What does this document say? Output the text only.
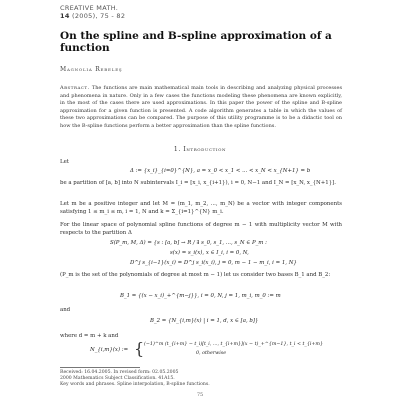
CREATIVE MATH.
14 (2005), 75 - 82
On the spline and B-spline approximation of a function
Magnolia Rebeleş
Abstract. The functions are main mathematical main tools in describing and analyzing physical processes and phenomena in nature. Only in a few cases the functions modeling these phenomena are known explicitly, in the most of the cases there are used approximations. In this paper the power of the spline and B-spline approximation for a given function is presented. A code algorithm generates a table in which the values of these two approximations can be compared. The purpose of this utility programme is to be a didactic tool on how the B-spline functions perform a better approximation than the spline functions.
1. Introduction
Let
Δ := {x_i}_{i=0}^{N}, a = x_0 < x_1 < ... < x_N < x_{N+1} = b
be a partition of [a, b] into N subintervals I_i = [x_i, x_{i+1}), i = 0, N−1 and I_N = [x_N, x_{N+1}].
Let m be a positive integer and let M = (m_1, m_2, ..., m_N) be a vector with integer components satisfying 1 ≤ m_i ≤ m, i = 1, N and k = Σ_{i=1}^{N} m_i.
For the linear space of polynomial spline functions of degree m − 1 with multiplicity vector M with respects to the partition Δ
S(P_m, M, Δ) = {s : [a, b] → R / ∃ s_0, s_1, ..., s_N ∈ P_m :
s(x) = s_i(x), x ∈ I_i, i = 0, N,
D^j s_{i−1}(x_i) = D^j s_i(x_i), j = 0, m − 1 − m_i, i = 1, N}
(P_m is the set of the polynomials of degree at most m − 1) let us consider two bases B_1 and B_2:
B_1 = {(x − x_i)_+^{m−j}}, i = 0, N, j = 1, m_i, m_0 := m
and
B_2 = {N_{i,m}(x) | i = 1, d, x ∈ [a, b]}
where d = m + k and
N_{i,m}(x) := { (−1)^m (t_{i+m} − t_i)[t_i, ..., t_{i+m}](x − t)_+^{m−1}, t_i < t_{i+m}
0, otherwise
Received: 16.04.2005. In revised form: 02.05.2005
2000 Mathematics Subject Classification. 41A15.
Key words and phrases. Spline interpolation, B-spline functions.
75
